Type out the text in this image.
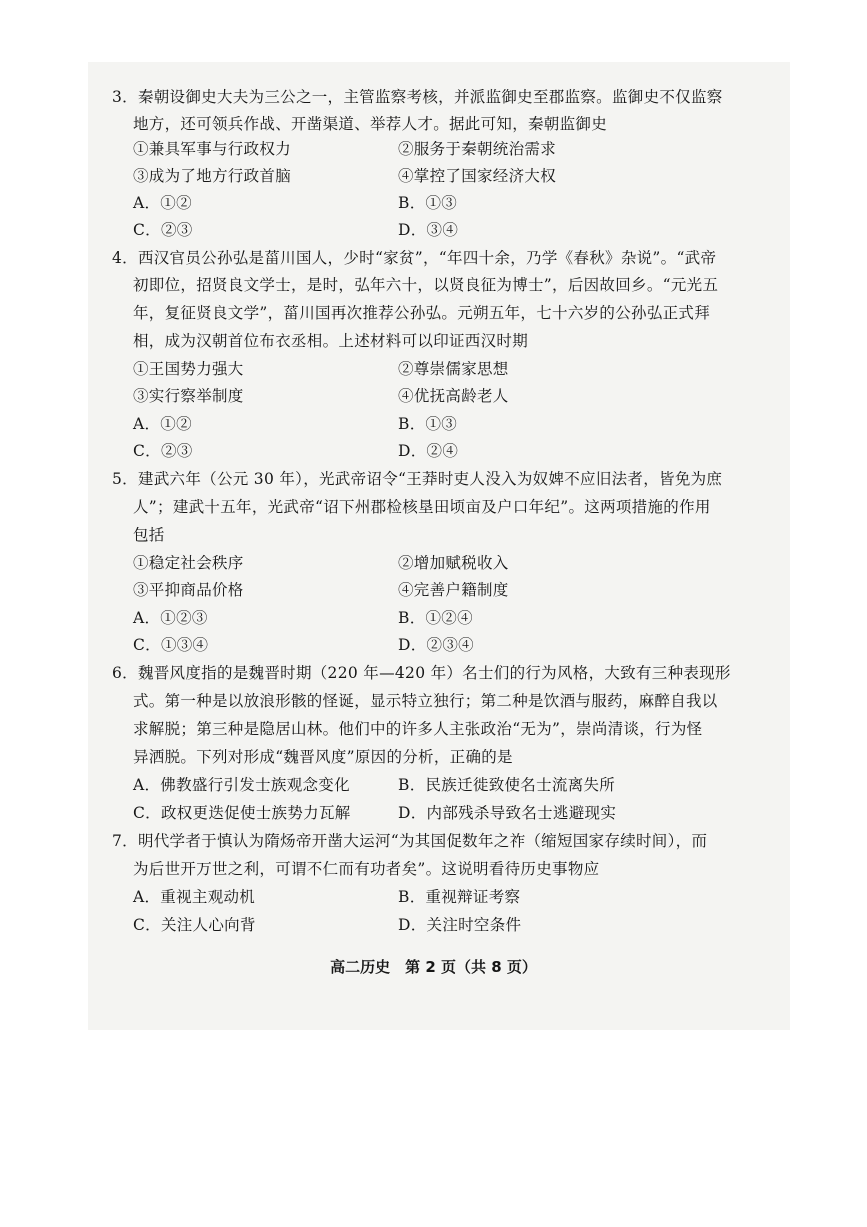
3．秦朝设御史大夫为三公之一，主管监察考核，并派监御史至郡监察。监御史不仅监察
地方，还可领兵作战、开凿渠道、举荐人才。据此可知，秦朝监御史
①兼具军事与行政权力	②服务于秦朝统治需求
③成为了地方行政首脑	④掌控了国家经济大权
A．①②	B．①③
C．②③	D．③④
4．西汉官员公孙弘是菑川国人，少时“家贫”，“年四十余，乃学《春秋》杂说”。“武帝
初即位，招贤良文学士，是时，弘年六十，以贤良征为博士”，后因故回乡。“元光五
年，复征贤良文学”，菑川国再次推荐公孙弘。元朔五年，七十六岁的公孙弘正式拜
相，成为汉朝首位布衣丞相。上述材料可以印证西汉时期
①王国势力强大	②尊崇儒家思想
③实行察举制度	④优抚高龄老人
A．①②	B．①③
C．②③	D．②④
5．建武六年（公元 30 年），光武帝诏令“王莽时吏人没入为奴婢不应旧法者，皆免为庶
人”；建武十五年，光武帝“诏下州郡检核垦田顷亩及户口年纪”。这两项措施的作用
包括
①稳定社会秩序	②增加赋税收入
③平抑商品价格	④完善户籍制度
A．①②③	B．①②④
C．①③④	D．②③④
6．魏晋风度指的是魏晋时期（220 年—420 年）名士们的行为风格，大致有三种表现形
式。第一种是以放浪形骸的怪诞，显示特立独行；第二种是饮酒与服药，麻醉自我以
求解脱；第三种是隐居山林。他们中的许多人主张政治“无为”，崇尚清谈，行为怪
异洒脱。下列对形成“魏晋风度”原因的分析，正确的是
A．佛教盛行引发士族观念变化	B．民族迁徙致使名士流离失所
C．政权更迭促使士族势力瓦解	D．内部残杀导致名士逃避现实
7．明代学者于慎认为隋炀帝开凿大运河“为其国促数年之祚（缩短国家存续时间），而
为后世开万世之利，可谓不仁而有功者矣”。这说明看待历史事物应
A．重视主观动机	B．重视辩证考察
C．关注人心向背	D．关注时空条件
高二历史　第 2 页（共 8 页）
